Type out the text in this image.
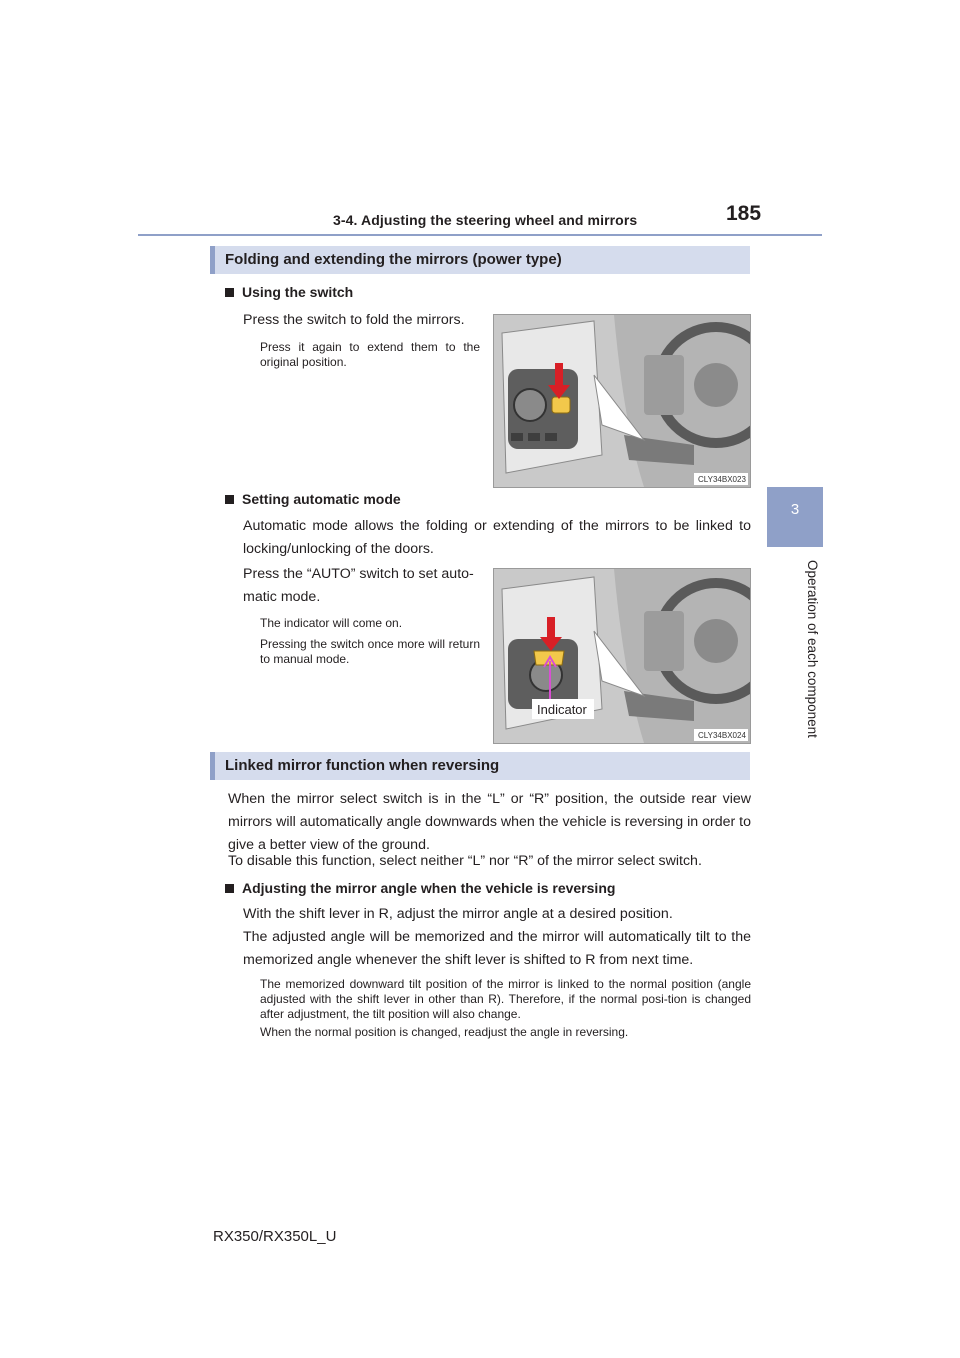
3-4. Adjusting the steering wheel and mirrors	185
3
Operation of each component
Folding and extending the mirrors (power type)
Using the switch
Press the switch to fold the mirrors.
Press it again to extend them to the original position.
CLY34BX023
Setting automatic mode
Automatic mode allows the folding or extending of the mirrors to be linked to locking/unlocking of the doors.
Press the “AUTO” switch to set auto-matic mode.
The indicator will come on.
Pressing the switch once more will return to manual mode.
Indicator
CLY34BX024
Linked mirror function when reversing
When the mirror select switch is in the “L” or “R” position, the outside rear view mirrors will automatically angle downwards when the vehicle is reversing in order to give a better view of the ground.
To disable this function, select neither “L” nor “R” of the mirror select switch.
Adjusting the mirror angle when the vehicle is reversing
With the shift lever in R, adjust the mirror angle at a desired position.
The adjusted angle will be memorized and the mirror will automatically tilt to the memorized angle whenever the shift lever is shifted to R from next time.
The memorized downward tilt position of the mirror is linked to the normal position (angle adjusted with the shift lever in other than R). Therefore, if the normal posi-tion is changed after adjustment, the tilt position will also change.
When the normal position is changed, readjust the angle in reversing.
RX350/RX350L_U
